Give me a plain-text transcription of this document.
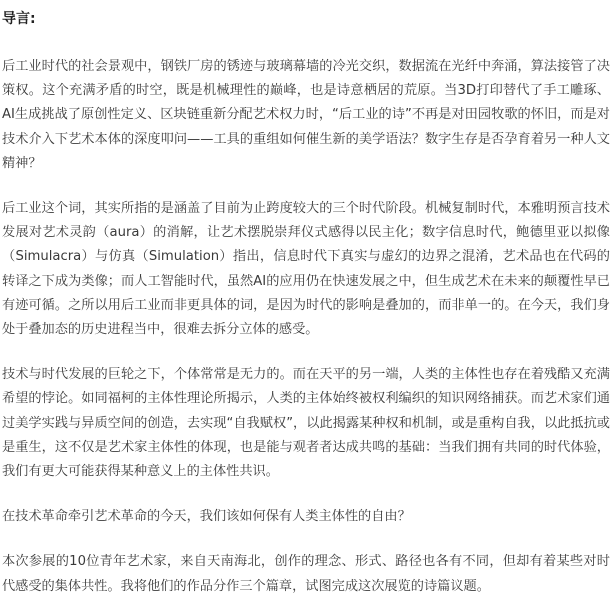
导言:

后工业时代的社会景观中，钢铁厂房的锈迹与玻璃幕墙的冷光交织，数据流在光纤中奔涌，算法接管了决策权。这个充满矛盾的时空，既是机械理性的巅峰，也是诗意栖居的荒原。当3D打印替代了手工雕琢、AI生成挑战了原创性定义、区块链重新分配艺术权力时，“后工业的诗”不再是对田园牧歌的怀旧，而是对技术介入下艺术本体的深度叩问——工具的重组如何催生新的美学语法？数字生存是否孕育着另一种人文精神？

后工业这个词，其实所指的是涵盖了目前为止跨度较大的三个时代阶段。机械复制时代，本雅明预言技术发展对艺术灵韵（aura）的消解，让艺术摆脱崇拜仪式感得以民主化；数字信息时代，鲍德里亚以拟像（Simulacra）与仿真（Simulation）指出，信息时代下真实与虚幻的边界之混淆，艺术品也在代码的转译之下成为类像；而人工智能时代，虽然AI的应用仍在快速发展之中，但生成艺术在未来的颠覆性早已有迹可循。之所以用后工业而非更具体的词，是因为时代的影响是叠加的，而非单一的。在今天，我们身处于叠加态的历史进程当中，很难去拆分立体的感受。

技术与时代发展的巨轮之下，个体常常是无力的。而在天平的另一端，人类的主体性也存在着残酷又充满希望的悖论。如同福柯的主体性理论所揭示，人类的主体始终被权利编织的知识网络捕获。而艺术家们通过美学实践与异质空间的创造，去实现“自我赋权”，以此揭露某种权和机制，或是重构自我，以此抵抗或是重生，这不仅是艺术家主体性的体现，也是能与观者者达成共鸣的基础：当我们拥有共同的时代体验，我们有更大可能获得某种意义上的主体性共识。

在技术革命牵引艺术革命的今天，我们该如何保有人类主体性的自由？

本次参展的10位青年艺术家，来自天南海北，创作的理念、形式、路径也各有不同，但却有着某些对时代感受的集体共性。我将他们的作品分作三个篇章，试图完成这次展览的诗篇议题。
